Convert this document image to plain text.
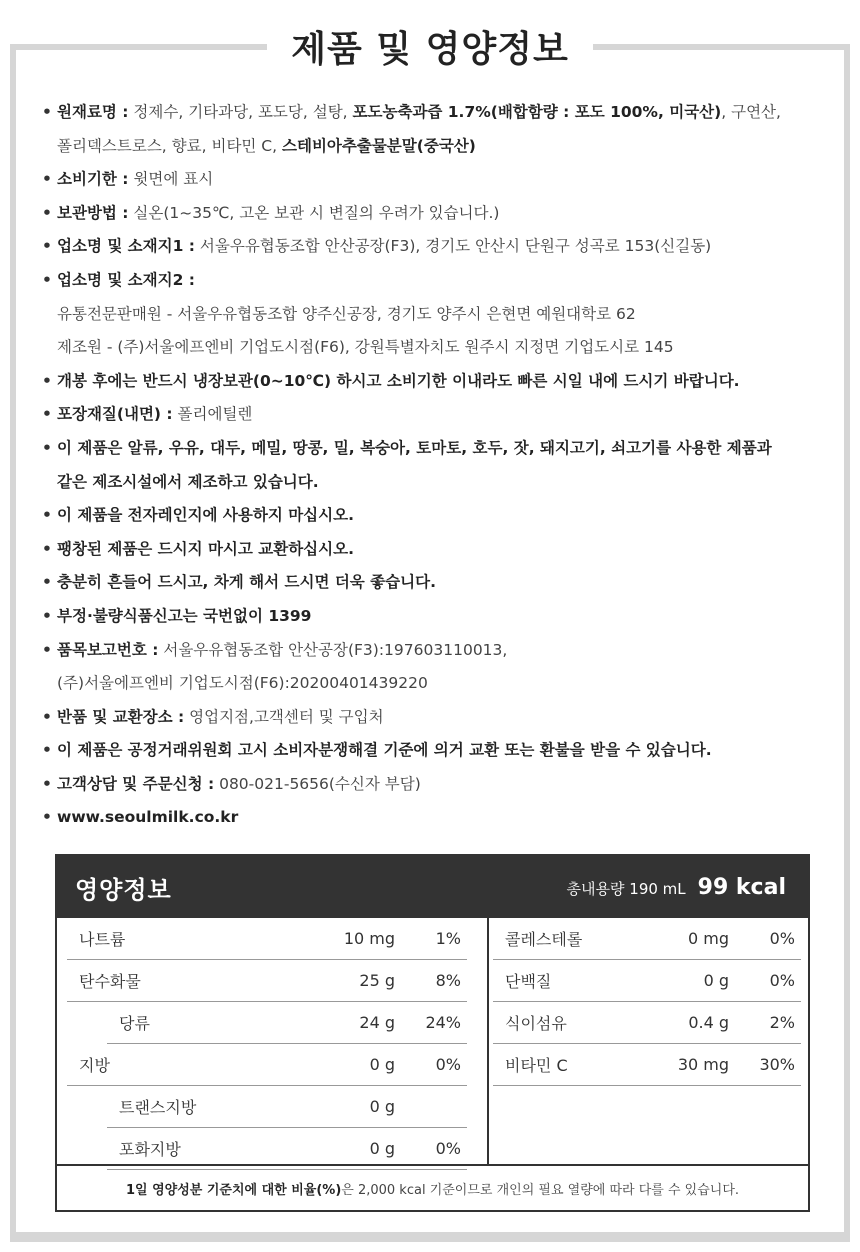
제품 및 영양정보
• 원재료명 : 정제수, 기타과당, 포도당, 설탕, 포도농축과즙 1.7%(배합함량 : 포도 100%, 미국산), 구연산,
폴리덱스트로스, 향료, 비타민 C, 스테비아추출물분말(중국산)
• 소비기한 : 윗면에 표시
• 보관방법 : 실온(1~35℃, 고온 보관 시 변질의 우려가 있습니다.)
• 업소명 및 소재지1 : 서울우유협동조합 안산공장(F3), 경기도 안산시 단원구 성곡로 153(신길동)
• 업소명 및 소재지2 :
유통전문판매원 - 서울우유협동조합 양주신공장, 경기도 양주시 은현면 예원대학로 62
제조원 - (주)서울에프엔비 기업도시점(F6), 강원특별자치도 원주시 지정면 기업도시로 145
• 개봉 후에는 반드시 냉장보관(0~10℃) 하시고 소비기한 이내라도 빠른 시일 내에 드시기 바랍니다.
• 포장재질(내면) : 폴리에틸렌
• 이 제품은 알류, 우유, 대두, 메밀, 땅콩, 밀, 복숭아, 토마토, 호두, 잣, 돼지고기, 쇠고기를 사용한 제품과
같은 제조시설에서 제조하고 있습니다.
• 이 제품을 전자레인지에 사용하지 마십시오.
• 팽창된 제품은 드시지 마시고 교환하십시오.
• 충분히 흔들어 드시고, 차게 해서 드시면 더욱 좋습니다.
• 부정·불량식품신고는 국번없이 1399
• 품목보고번호 : 서울우유협동조합 안산공장(F3):197603110013,
(주)서울에프엔비 기업도시점(F6):20200401439220
• 반품 및 교환장소 : 영업지점,고객센터 및 구입처
• 이 제품은 공정거래위원회 고시 소비자분쟁해결 기준에 의거 교환 또는 환불을 받을 수 있습니다.
• 고객상담 및 주문신청 : 080-021-5656(수신자 부담)
• www.seoulmilk.co.kr
영양정보	총내용량 190 mL 99 kcal
나트륨	10 mg	1%
탄수화물	25 g	8%
당류	24 g 24%
지방	0 g	0%
트랜스지방	0 g
포화지방	0 g	0%
콜레스테롤	0 mg	0%
단백질	0 g	0%
식이섬유	0.4 g	2%
비타민 C	30 mg 30%
1일 영양성분 기준치에 대한 비율(%) 은 2,000 kcal 기준이므로 개인의 필요 열량에 따라 다를 수 있습니다.
